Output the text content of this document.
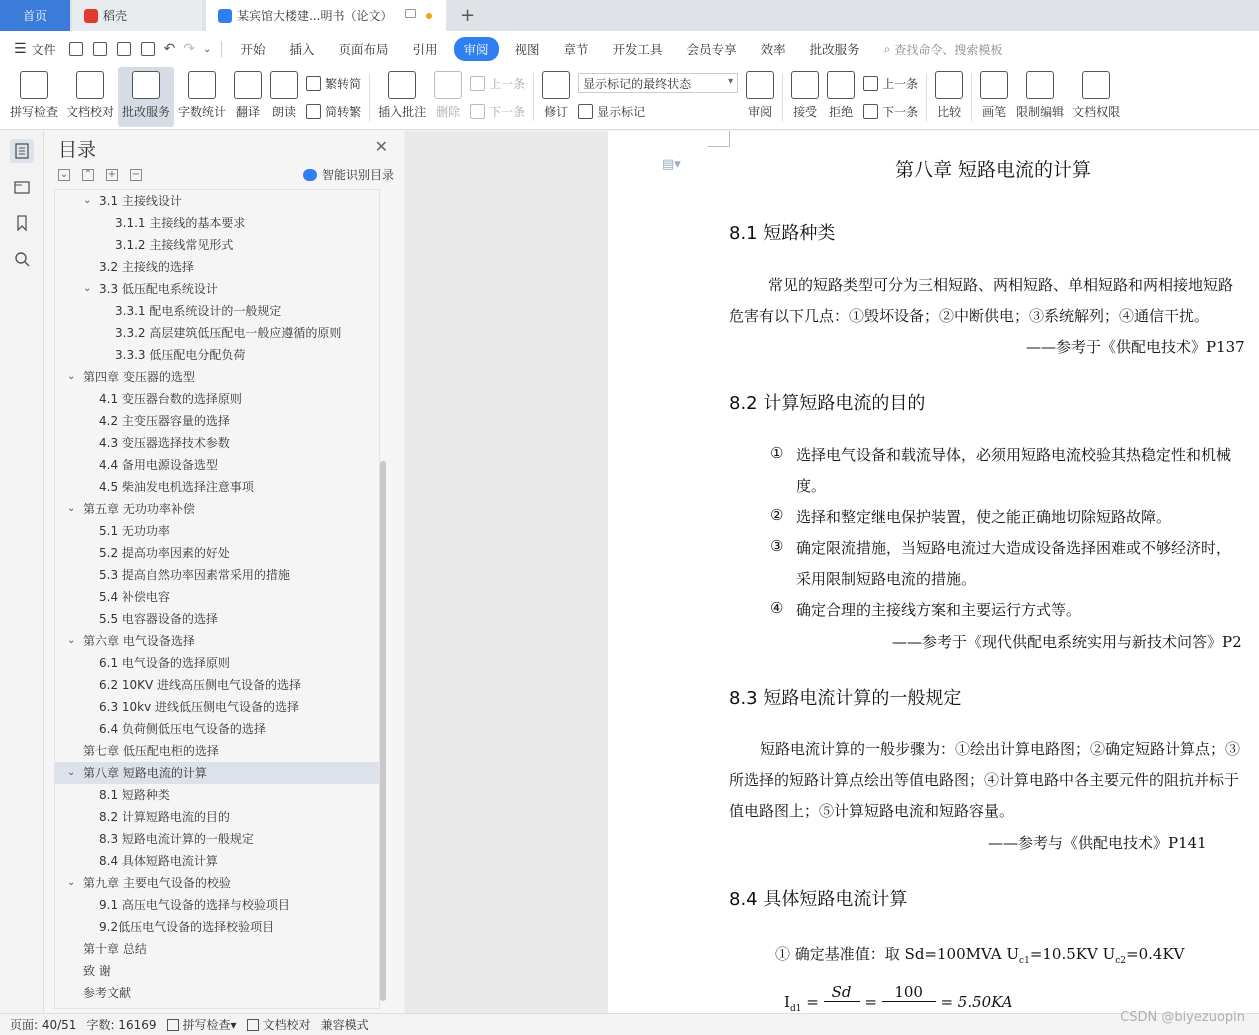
首页	稻壳	某宾馆大楼建...明书（论文）	+
☰ 文件	↶ ↷ ⌄	开始	插入	页面布局	引用	审阅	视图	章节	开发工具	会员专享	效率	批改服务	⌕ 查找命令、搜索模板
拼写检查 文档校对 批改服务 字数统计 翻译 朗读
繁转简
简转繁 插入批注 删除
上一条
下一条 修订
显示标记的最终状态 ▾
显示标记	审阅 接受 拒绝
上一条
下一条 比较 画笔 限制编辑 文档权限
目录	✕
⌄ ⌃ + −	智能识别目录
⌄ 3.1 主接线设计
3.1.1 主接线的基本要求
3.1.2 主接线常见形式
3.2 主接线的选择
⌄ 3.3 低压配电系统设计
3.3.1 配电系统设计的一般规定
3.3.2 高层建筑低压配电一般应遵循的原则
3.3.3 低压配电分配负荷
⌄ 第四章 变压器的选型
4.1 变压器台数的选择原则
4.2 主变压器容量的选择
4.3 变压器选择技术参数
4.4 备用电源设备选型
4.5 柴油发电机选择注意事项
⌄ 第五章 无功功率补偿
5.1 无功功率
5.2 提高功率因素的好处
5.3 提高自然功率因素常采用的措施
5.4 补偿电容
5.5 电容器设备的选择
⌄ 第六章 电气设备选择
6.1 电气设备的选择原则
6.2 10KV 进线高压侧电气设备的选择
6.3 10kv 进线低压侧电气设备的选择
6.4 负荷侧低压电气设备的选择
第七章 低压配电柜的选择
⌄ 第八章 短路电流的计算
8.1 短路种类
8.2 计算短路电流的目的
8.3 短路电流计算的一般规定
8.4 具体短路电流计算
⌄ 第九章 主要电气设备的校验
9.1 高压电气设备的选择与校验项目
9.2低压电气设备的选择校验项目
第十章 总结
致 谢
参考文献
▤▾	第八章 短路电流的计算
8.1 短路种类
常见的短路类型可分为三相短路、两相短路、单相短路和两相接地短路
危害有以下几点：①毁坏设备；②中断供电；③系统解列；④通信干扰。
——参考于《供配电技术》P137
8.2 计算短路电流的目的
① 选择电气设备和载流导体，必须用短路电流校验其热稳定性和机械
度。
② 选择和整定继电保护装置，使之能正确地切除短路故障。
③ 确定限流措施，当短路电流过大造成设备选择困难或不够经济时，
采用限制短路电流的措施。
④ 确定合理的主接线方案和主要运行方式等。
——参考于《现代供配电系统实用与新技术问答》P2
8.3 短路电流计算的一般规定
短路电流计算的一般步骤为：①绘出计算电路图；②确定短路计算点；③
所选择的短路计算点绘出等值电路图；④计算电路中各主要元件的阻抗并标于
值电路图上；⑤计算短路电流和短路容量。
——参考与《供配电技术》P141
8.4 具体短路电流计算
① 确定基准值：取 Sd=100MVA $U_{c1}=10.5KV$ $U_{c2}=0.4KV$
$I_{d1} = Sd = 100 = 5.50KA$
页面: 40/51 字数: 16169 拼写检查 ▾ 文档校对 兼容模式	CSDN @biyezuopin
